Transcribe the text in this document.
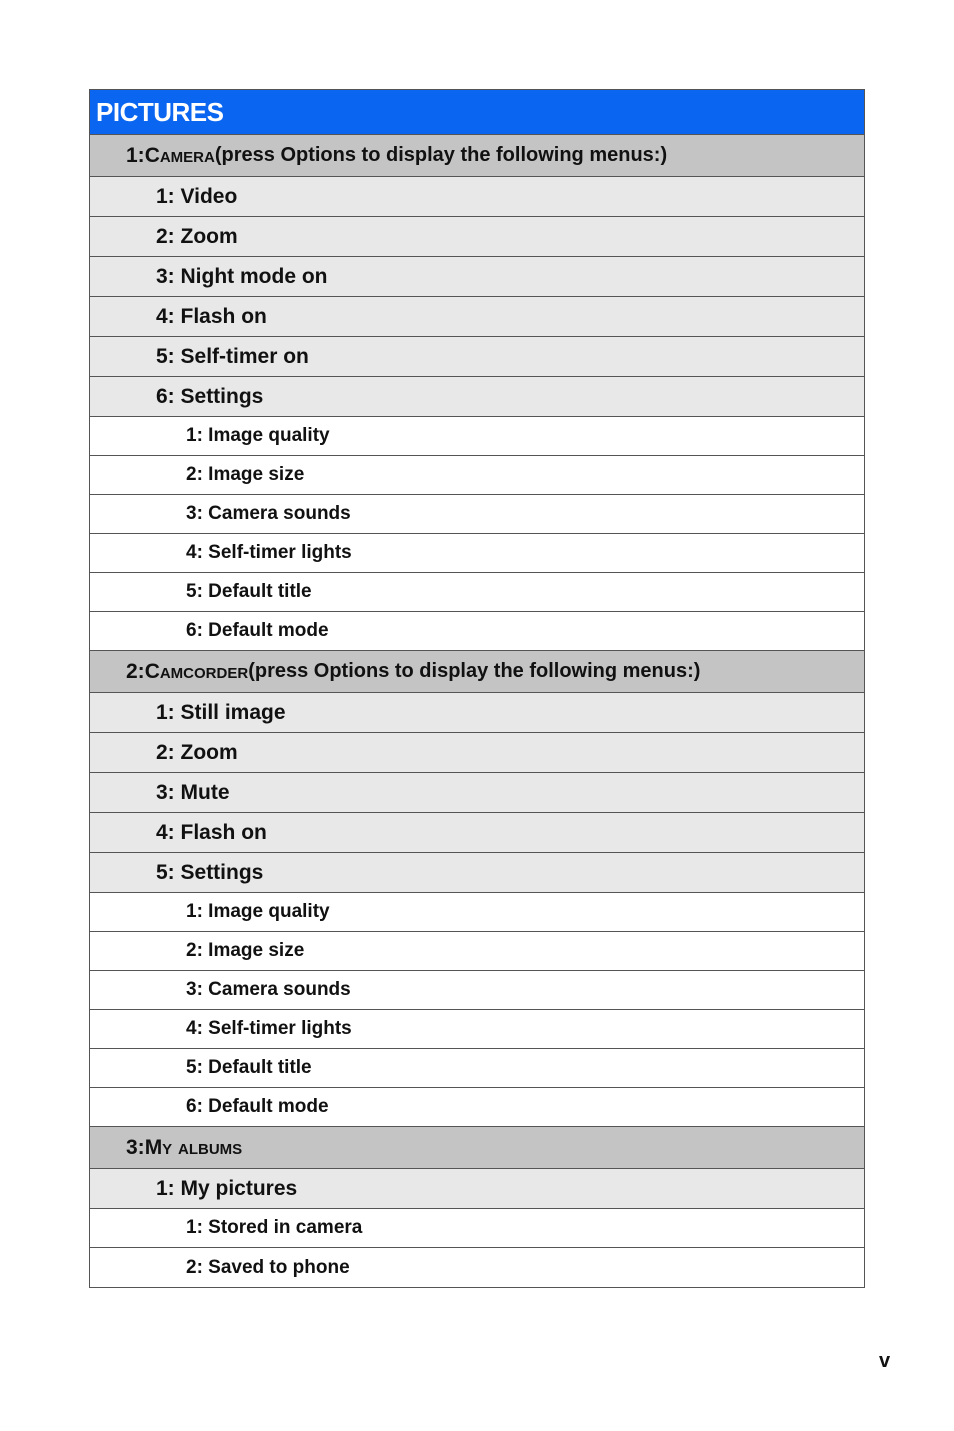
PICTURES
1: Camera (press Options to display the following menus:)
1: Video
2: Zoom
3: Night mode on
4: Flash on
5: Self-timer on
6: Settings
1: Image quality
2: Image size
3: Camera sounds
4: Self-timer lights
5: Default title
6: Default mode
2: Camcorder (press Options to display the following menus:)
1: Still image
2: Zoom
3: Mute
4: Flash on
5: Settings
1: Image quality
2: Image size
3: Camera sounds
4: Self-timer lights
5: Default title
6: Default mode
3: My albums
1: My pictures
1: Stored in camera
2: Saved to phone
v
